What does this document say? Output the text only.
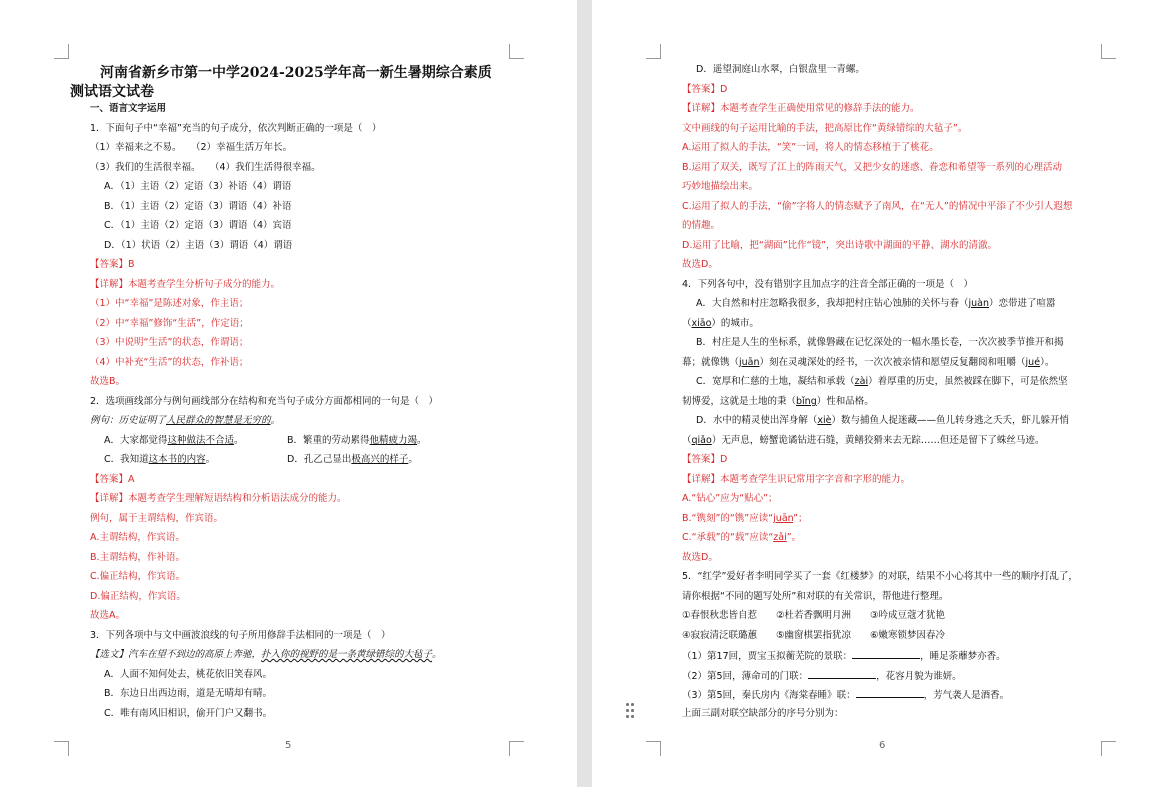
河南省新乡市第一中学2024-2025学年高一新生暑期综合素质
测试语文试卷
一、语言文字运用
1．下面句子中“幸福”充当的句子成分，依次判断正确的一项是（　）
（1）幸福来之不易。　　（2）幸福生活万年长。
（3）我们的生活很幸福。　　（4）我们生活得很幸福。
A．（1）主语（2）定语（3）补语（4）谓语
B．（1）主语（2）定语（3）谓语（4）补语
C．（1）主语（2）定语（3）谓语（4）宾语
D．（1）状语（2）主语（3）谓语（4）谓语
【答案】B
【详解】本题考查学生分析句子成分的能力。
（1）中“幸福”是陈述对象，作主语；
（2）中“幸福”修饰“生活”，作定语；
（3）中说明“生活”的状态，作谓语；
（4）中补充“生活”的状态，作补语；
故选B。
2．选项画线部分与例句画线部分在结构和充当句子成分方面都相同的一句是（　）
例句：历史证明了人民群众的智慧是无穷的。
A．大家都觉得这种做法不合适。	B．繁重的劳动累得他精疲力竭。
C．我知道这本书的内容。	D．孔乙己显出极高兴的样子。
【答案】A
【详解】本题考查学生理解短语结构和分析语法成分的能力。
例句，属于主谓结构，作宾语。
A.主谓结构，作宾语。
B.主谓结构，作补语。
C.偏正结构，作宾语。
D.偏正结构，作宾语。
故选A。
3．下列各项中与文中画波浪线的句子所用修辞手法相同的一项是（　）
【选文】汽车在望不到边的高原上奔驰，扑入你的视野的是一条黄绿错综的大毡子。
A．人面不知何处去，桃花依旧笑春风。
B．东边日出西边雨，道是无晴却有晴。
C．唯有南风旧相识，偷开门户又翻书。
5
D．遥望洞庭山水翠，白银盘里一青螺。
【答案】D
【详解】本题考查学生正确使用常见的修辞手法的能力。
文中画线的句子运用比喻的手法，把高原比作“黄绿错综的大毡子”。
A.运用了拟人的手法，“笑”一词，将人的情态移植于了桃花。
B.运用了双关，既写了江上的阵雨天气，又把少女的迷惑、眷恋和希望等一系列的心理活动
巧妙地描绘出来。
C.运用了拟人的手法，“偷”字将人的情态赋予了南风，在“无人”的情况中平添了不少引人遐想
的情趣。
D.运用了比喻，把“湖面”比作“镜”，突出诗歌中湖面的平静、湖水的清澈。
故选D。
4．下列各句中，没有错别字且加点字的注音全部正确的一项是（　）
A．大自然和村庄忽略我很多，我却把村庄钻心蚀肺的关怀与眷（juàn）恋带进了喧嚣
（xiāo）的城市。
B．村庄是人生的坐标系，就像磐藏在记忆深处的一幅水墨长卷，一次次被季节推开和揭
幕；就像镌（juān）刻在灵魂深处的经书，一次次被亲情和愿望反复翻阅和咀嚼（jué）。
C．宽厚和仁慈的土地，凝结和承载（zài）着厚重的历史，虽然被踩在脚下，可是依然坚
韧博爱，这就是土地的秉（bǐng）性和品格。
D．水中的精灵使出浑身解（xiè）数与捕鱼人捉迷藏——鱼儿转身逃之夭夭，虾儿躲开悄
（qiǎo）无声息，螃蟹诡谲钻进石缝，黄鳝狡猾来去无踪……但还是留下了蛛丝马迹。
【答案】D
【详解】本题考查学生识记常用字字音和字形的能力。
A.“钻心”应为“贴心”；
B.“镌刻”的“镌”应读“juān”；
C.“承载”的“载”应读“zǎi”。
故选D。
5．“红学”爱好者李明同学买了一套《红楼梦》的对联，结果不小心将其中一些的顺序打乱了，
请你根据“不同的题写处所”和对联的有关常识，帮他进行整理。
①春恨秋悲皆自惹　　②杜若香飘明月洲　　③吟成豆蔻才犹艳
④寂寂清泛联璐蕙　　⑤幽窗棋罢指犹凉　　⑥嫩寒锁梦因春冷
（1）第17回，贾宝玉拟蘅芜院的景联：	，睡足荼蘼梦亦香。
（2）第5回，薄命司的门联：	，花容月貌为谁妍。
（3）第5回，秦氏房内《海棠春睡》联：	，芳气袭人是酒香。
上面三副对联空缺部分的序号分别为：
6
